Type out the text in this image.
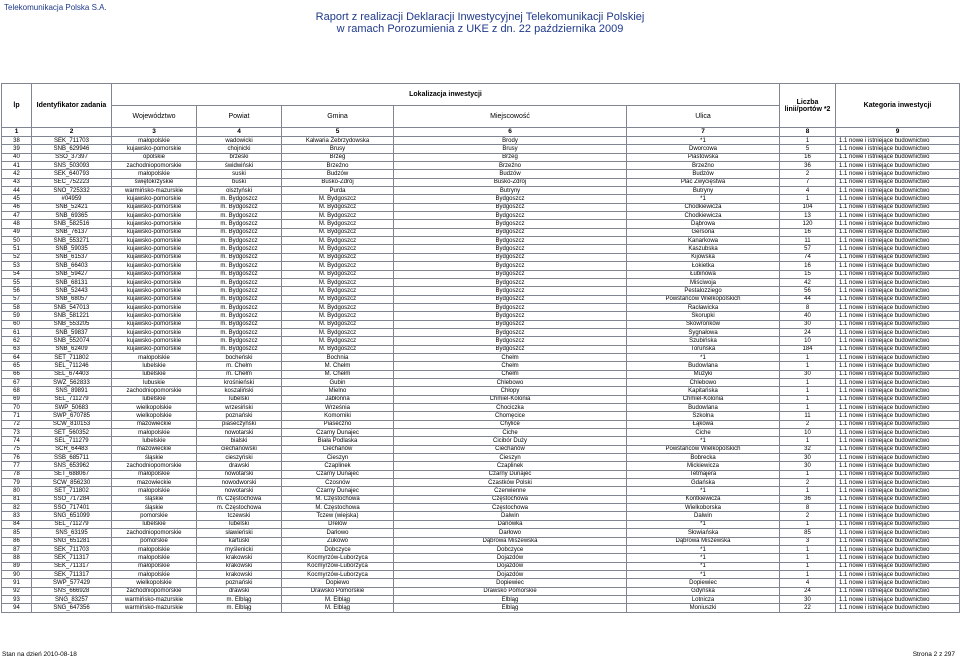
Telekomunikacja Polska S.A.
Raport z realizacji Deklaracji Inwestycyjnej Telekomunikacji Polskiej
w ramach Porozumienia z UKE z dn. 22 października 2009
lp	Identyfikator zadania	Lokalizacja inwestycji					Liczba linii/portów *2	Kategoria inwestycji
		Województwo	Powiat	Gmina	Miejscowość	Ulica		
1	2	3	4	5	6	7	8	9
38	SEK_711703	małopolskie	wadowicki	Kalwaria Zebrzydowska	Brody	*1	1	1.1 nowe i istniejące budownictwo
39	SNB_629946	kujawsko-pomorskie	chojnicki	Brusy	Brusy	Dworcowa	5	1.1 nowe i istniejące budownictwo
40	SSO_37397	opolskie	brzeski	Brzeg	Brzeg	Piastowska	16	1.1 nowe i istniejące budownictwo
41	SNS_503093	zachodniopomorskie	świdwiński	Brzeźno	Brzeźno	Brzeźno	36	1.1 nowe i istniejące budownictwo
42	SEK_640793	małopolskie	suski	Budzów	Budzów	Budzów	2	1.1 nowe i istniejące budownictwo
43	SEC_752223	świętokrzyskie	buski	Busko-Zdrój	Busko-Zdrój	Plac Zwycięstwa	7	1.1 nowe i istniejące budownictwo
44	SNO_725332	warmińsko-mazurskie	olsztyński	Purda	Butryny	Butryny	4	1.1 nowe i istniejące budownictwo
45	#04959	kujawsko-pomorskie	m. Bydgoszcz	M. Bydgoszcz	Bydgoszcz	*1	1	1.1 nowe i istniejące budownictwo
46	SNB_52421	kujawsko-pomorskie	m. Bydgoszcz	M. Bydgoszcz	Bydgoszcz	Chodkiewicza	104	1.1 nowe i istniejące budownictwo
47	SNB_69365	kujawsko-pomorskie	m. Bydgoszcz	M. Bydgoszcz	Bydgoszcz	Chodkiewicza	13	1.1 nowe i istniejące budownictwo
48	SNB_582516	kujawsko-pomorskie	m. Bydgoszcz	M. Bydgoszcz	Bydgoszcz	Dąbrowa	120	1.1 nowe i istniejące budownictwo
49	SNB_76137	kujawsko-pomorskie	m. Bydgoszcz	M. Bydgoszcz	Bydgoszcz	Gersona	16	1.1 nowe i istniejące budownictwo
50	SNB_553271	kujawsko-pomorskie	m. Bydgoszcz	M. Bydgoszcz	Bydgoszcz	Kanarkowa	11	1.1 nowe i istniejące budownictwo
51	SNB_59035	kujawsko-pomorskie	m. Bydgoszcz	M. Bydgoszcz	Bydgoszcz	Kaszubska	57	1.1 nowe i istniejące budownictwo
52	SNB_61537	kujawsko-pomorskie	m. Bydgoszcz	M. Bydgoszcz	Bydgoszcz	Kijowska	74	1.1 nowe i istniejące budownictwo
53	SNB_66403	kujawsko-pomorskie	m. Bydgoszcz	M. Bydgoszcz	Bydgoszcz	Łokietka	16	1.1 nowe i istniejące budownictwo
54	SNB_59427	kujawsko-pomorskie	m. Bydgoszcz	M. Bydgoszcz	Bydgoszcz	Łubinowa	15	1.1 nowe i istniejące budownictwo
55	SNB_68131	kujawsko-pomorskie	m. Bydgoszcz	M. Bydgoszcz	Bydgoszcz	Miściwoja	42	1.1 nowe i istniejące budownictwo
56	SNB_52443	kujawsko-pomorskie	m. Bydgoszcz	M. Bydgoszcz	Bydgoszcz	Pestalozziego	56	1.1 nowe i istniejące budownictwo
57	SNB_68057	kujawsko-pomorskie	m. Bydgoszcz	M. Bydgoszcz	Bydgoszcz	Powstańców Wielkopolskich	44	1.1 nowe i istniejące budownictwo
58	SNB_547013	kujawsko-pomorskie	m. Bydgoszcz	M. Bydgoszcz	Bydgoszcz	Racławicka	8	1.1 nowe i istniejące budownictwo
59	SNB_581221	kujawsko-pomorskie	m. Bydgoszcz	M. Bydgoszcz	Bydgoszcz	Skorupki	40	1.1 nowe i istniejące budownictwo
60	SNB_553205	kujawsko-pomorskie	m. Bydgoszcz	M. Bydgoszcz	Bydgoszcz	Skowronków	30	1.1 nowe i istniejące budownictwo
61	SNB_59837	kujawsko-pomorskie	m. Bydgoszcz	M. Bydgoszcz	Bydgoszcz	Sygnałowa	24	1.1 nowe i istniejące budownictwo
62	SNB_552074	kujawsko-pomorskie	m. Bydgoszcz	M. Bydgoszcz	Bydgoszcz	Szubińska	10	1.1 nowe i istniejące budownictwo
63	SNB_62409	kujawsko-pomorskie	m. Bydgoszcz	M. Bydgoszcz	Bydgoszcz	Toruńska	184	1.1 nowe i istniejące budownictwo
64	SET_711802	małopolskie	bocheński	Bochnia	Chełm	*1	1	1.1 nowe i istniejące budownictwo
65	SEL_711246	lubelskie	m. Chełm	M. Chełm	Chełm	Budowlana	1	1.1 nowe i istniejące budownictwo
66	SEL_674403	lubelskie	m. Chełm	M. Chełm	Chełm	Mużyki	30	1.1 nowe i istniejące budownictwo
67	SWZ_562833	lubuskie	krośnieński	Gubin	Chlebowo	Chlebowo	1	1.1 nowe i istniejące budownictwo
68	SNS_89891	zachodniopomorskie	koszaliński	Mielno	Chłopy	Kapitańska	1	1.1 nowe i istniejące budownictwo
69	SEL_711279	lubelskie	lubelski	Jabłonna	Chmiel-Kolonia	Chmiel-Kolonia	1	1.1 nowe i istniejące budownictwo
70	SWP_50683	wielkopolskie	wrzesiński	Września	Chociczka	Budowlana	1	1.1 nowe i istniejące budownictwo
71	SWP_670785	wielkopolskie	poznański	Komorniki	Chomęcice	Szkolna	11	1.1 nowe i istniejące budownictwo
72	SCW_810153	mazowieckie	piaseczyński	Piaseczno	Chylice	Łąkowa	2	1.1 nowe i istniejące budownictwo
73	SET_560352	małopolskie	nowotarski	Czarny Dunajec	Ciche	Ciche	10	1.1 nowe i istniejące budownictwo
74	SEL_711279	lubelskie	bialski	Biała Podlaska	Cicibór Duży	*1	1	1.1 nowe i istniejące budownictwo
75	SCR_64483	mazowieckie	ciechanowski	Ciechanów	Ciechanów	Powstańców Wielkopolskich	32	1.1 nowe i istniejące budownictwo
76	SSB_685711	śląskie	cieszyński	Cieszyn	Cieszyn	Bobrecka	30	1.1 nowe i istniejące budownictwo
77	SNS_653962	zachodniopomorskie	drawski	Czaplinek	Czaplinek	Mickiewicza	30	1.1 nowe i istniejące budownictwo
78	SET_688067	małopolskie	nowotarski	Czarny Dunajec	Czarny Dunajec	Tetmajera	1	1.1 nowe i istniejące budownictwo
79	SCW_856230	mazowieckie	nowodworski	Czosnów	Czastków Polski	Gdańska	2	1.1 nowe i istniejące budownictwo
80	SET_711802	małopolskie	nowotarski	Czarny Dunajec	Czerwienne	*1	1	1.1 nowe i istniejące budownictwo
81	SSO_717284	śląskie	m. Częstochowa	M. Częstochowa	Częstochowa	Kontkiewicza	36	1.1 nowe i istniejące budownictwo
82	SSO_717401	śląskie	m. Częstochowa	M. Częstochowa	Częstochowa	Wielkoborska	8	1.1 nowe i istniejące budownictwo
83	SNG_651099	pomorskie	tczewski	Tczew (wiejska)	Dalwin	Dalwin	2	1.1 nowe i istniejące budownictwo
84	SEL_711279	lubelskie	lubelski	Drelów	Danówka	*1	1	1.1 nowe i istniejące budownictwo
85	SNS_63195	zachodniopomorskie	sławieński	Darłowo	Darłowo	Słowiańska	85	1.1 nowe i istniejące budownictwo
86	SNG_651281	pomorskie	kartuski	Żukowo	Dąbrowa Miszewska	Dąbrowa Miszewska	3	1.1 nowe i istniejące budownictwo
87	SEK_711703	małopolskie	myślenicki	Dobczyce	Dobczyce	*1	1	1.1 nowe i istniejące budownictwo
88	SEK_711317	małopolskie	krakowski	Kocmyrzów-Luborzyca	Dojazdów	*1	1	1.1 nowe i istniejące budownictwo
89	SEK_711317	małopolskie	krakowski	Kocmyrzów-Luborzyca	Dojazdów	*1	1	1.1 nowe i istniejące budownictwo
90	SEK_711317	małopolskie	krakowski	Kocmyrzów-Luborzyca	Dojazdów	*1	1	1.1 nowe i istniejące budownictwo
91	SWP_577429	wielkopolskie	poznański	Dopiewo	Dopiewiec	Dopiewiec	4	1.1 nowe i istniejące budownictwo
92	SNS_666928	zachodniopomorskie	drawski	Drawsko Pomorskie	Drawsko Pomorskie	Gdyńska	24	1.1 nowe i istniejące budownictwo
93	SNG_83257	warmińsko-mazurskie	m. Elbląg	M. Elbląg	Elbląg	Lotnicza	30	1.1 nowe i istniejące budownictwo
94	SNG_647356	warmińsko-mazurskie	m. Elbląg	M. Elbląg	Elbląg	Moniuszki	22	1.1 nowe i istniejące budownictwo
Stan na dzień 2010-08-18	Strona 2 z 297
